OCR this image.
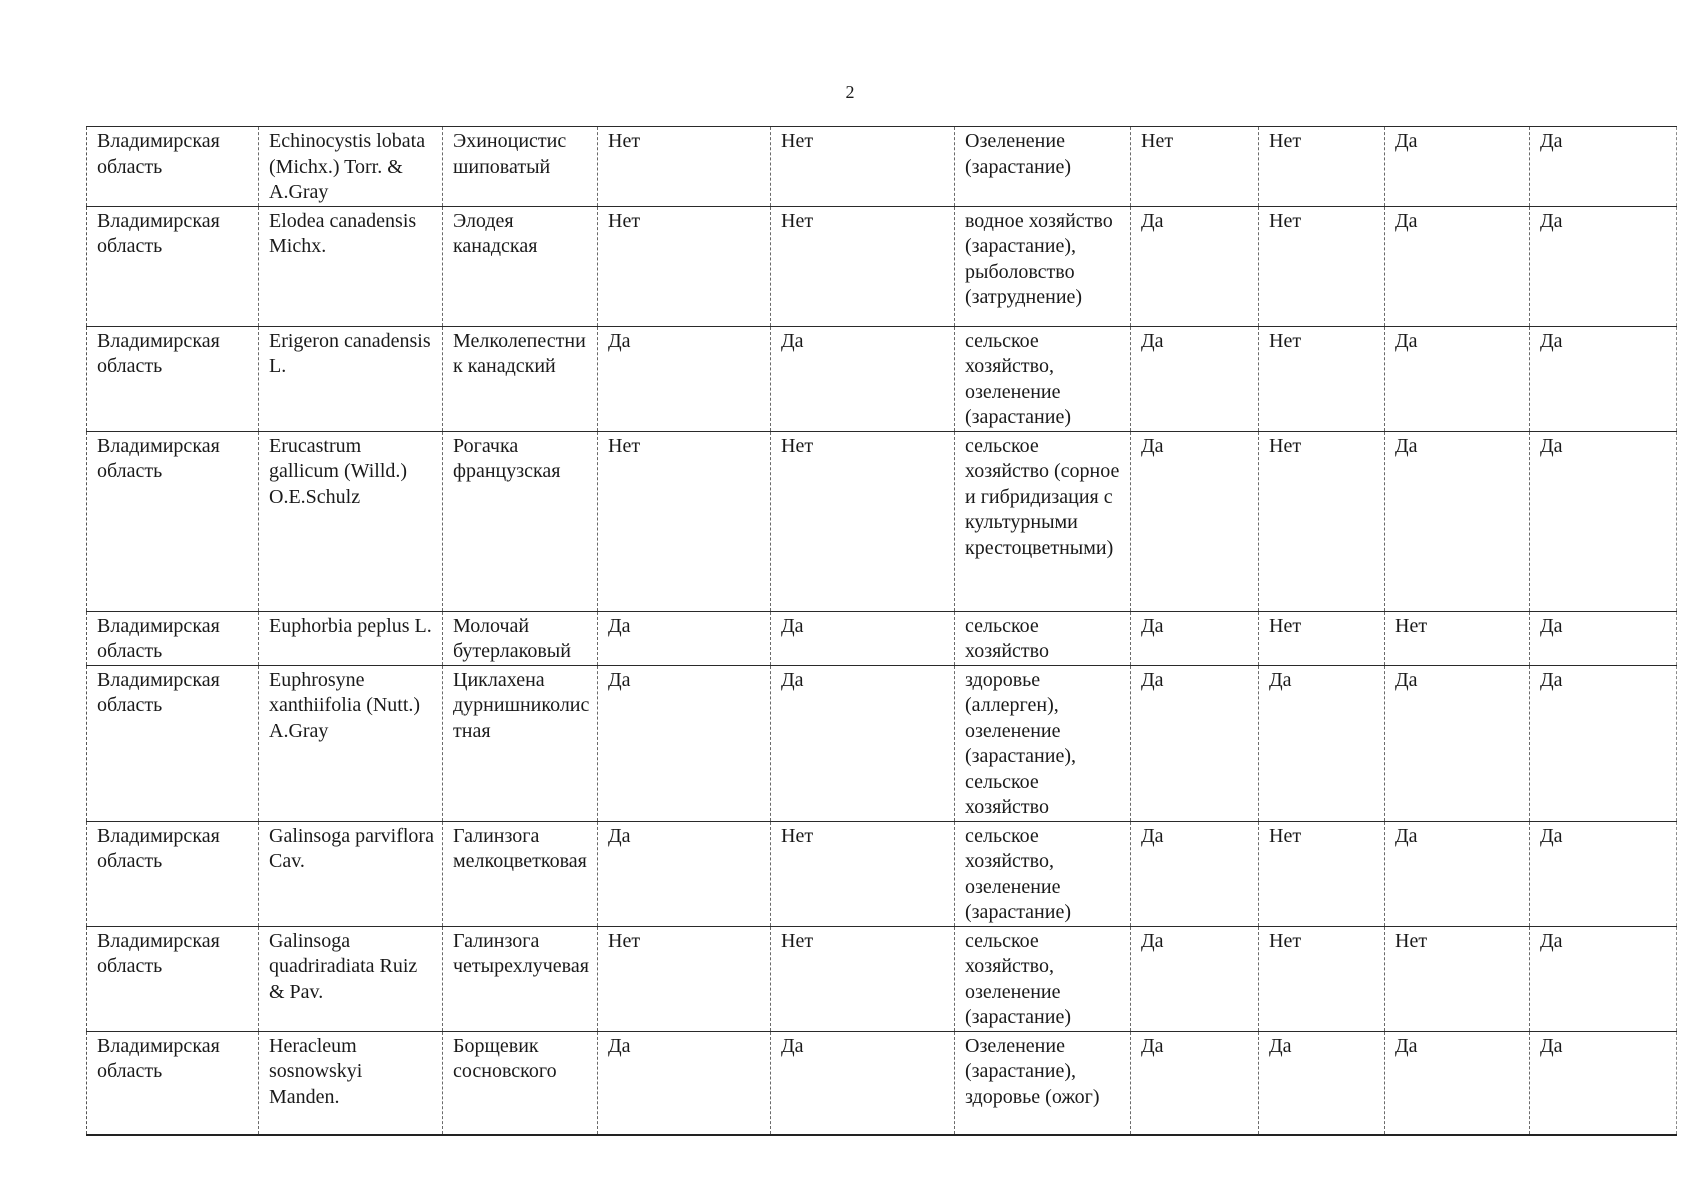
2
Владимирская область	Echinocystis lobata (Michx.) Torr. & A.Gray	Эхиноцистис шиповатый	Нет	Нет	Озеленение (зарастание)	Нет	Нет	Да	Да
Владимирская область	Elodea canadensis Michx.	Элодея канадская	Нет	Нет	водное хозяйство (зарастание), рыболовство (затруднение)	Да	Нет	Да	Да
Владимирская область	Erigeron canadensis L.	Мелколепестник канадский	Да	Да	сельское хозяйство, озеленение (зарастание)	Да	Нет	Да	Да
Владимирская область	Erucastrum gallicum (Willd.) O.E.Schulz	Рогачка французская	Нет	Нет	сельское хозяйство (сорное и гибридизация с культурными крестоцветными)	Да	Нет	Да	Да
Владимирская область	Euphorbia peplus L.	Молочай бутерлаковый	Да	Да	сельское хозяйство	Да	Нет	Нет	Да
Владимирская область	Euphrosyne xanthiifolia (Nutt.) A.Gray	Циклахена дурнишниколистная	Да	Да	здоровье (аллерген), озеленение (зарастание), сельское хозяйство	Да	Да	Да	Да
Владимирская область	Galinsoga parviflora Cav.	Галинзога мелкоцветковая	Да	Нет	сельское хозяйство, озеленение (зарастание)	Да	Нет	Да	Да
Владимирская область	Galinsoga quadriradiata Ruiz & Pav.	Галинзога четырехлучевая	Нет	Нет	сельское хозяйство, озеленение (зарастание)	Да	Нет	Нет	Да
Владимирская область	Heracleum sosnowskyi Manden.	Борщевик сосновского	Да	Да	Озеленение (зарастание), здоровье (ожог)	Да	Да	Да	Да
